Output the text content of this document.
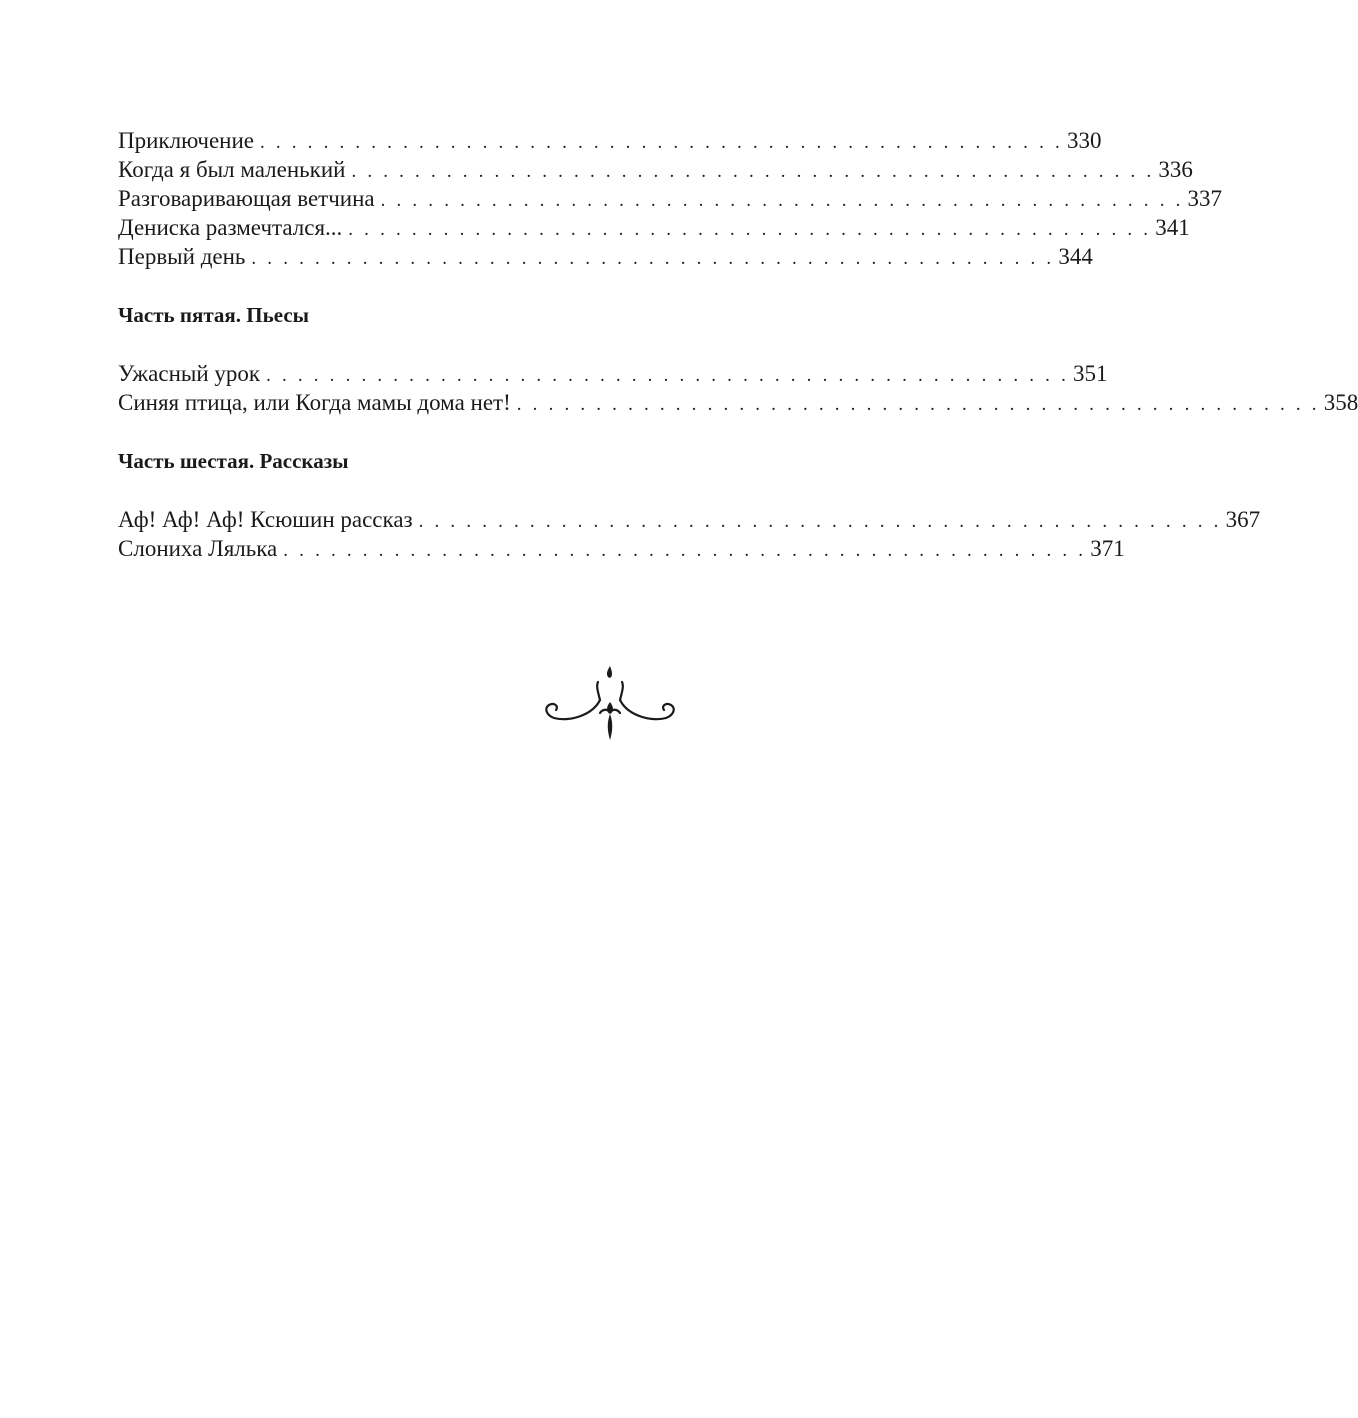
Приключение . . . . . . . . . . . . . . . . . . . . . . . . . . . . . . . . . . . . . . . . . . . . . . . . . . . 330
Когда я был маленький . . . . . . . . . . . . . . . . . . . . . . . . . . . . . . . . . . . . . . . . . . . . . . . . . . . 336
Разговаривающая ветчина . . . . . . . . . . . . . . . . . . . . . . . . . . . . . . . . . . . . . . . . . . . . . . . . . . . 337
Дениска размечтался... . . . . . . . . . . . . . . . . . . . . . . . . . . . . . . . . . . . . . . . . . . . . . . . . . . . 341
Первый день . . . . . . . . . . . . . . . . . . . . . . . . . . . . . . . . . . . . . . . . . . . . . . . . . . . 344
Часть пятая. Пьесы
Ужасный урок . . . . . . . . . . . . . . . . . . . . . . . . . . . . . . . . . . . . . . . . . . . . . . . . . . . 351
Синяя птица, или Когда мамы дома нет! . . . . . . . . . . . . . . . . . . . . . . . . . . . . . . . . . . . . . . . . . . . . . . . . . . . 358
Часть шестая. Рассказы
Аф! Аф! Аф! Ксюшин рассказ . . . . . . . . . . . . . . . . . . . . . . . . . . . . . . . . . . . . . . . . . . . . . . . . . . . 367
Слониха Лялька . . . . . . . . . . . . . . . . . . . . . . . . . . . . . . . . . . . . . . . . . . . . . . . . . . . 371
